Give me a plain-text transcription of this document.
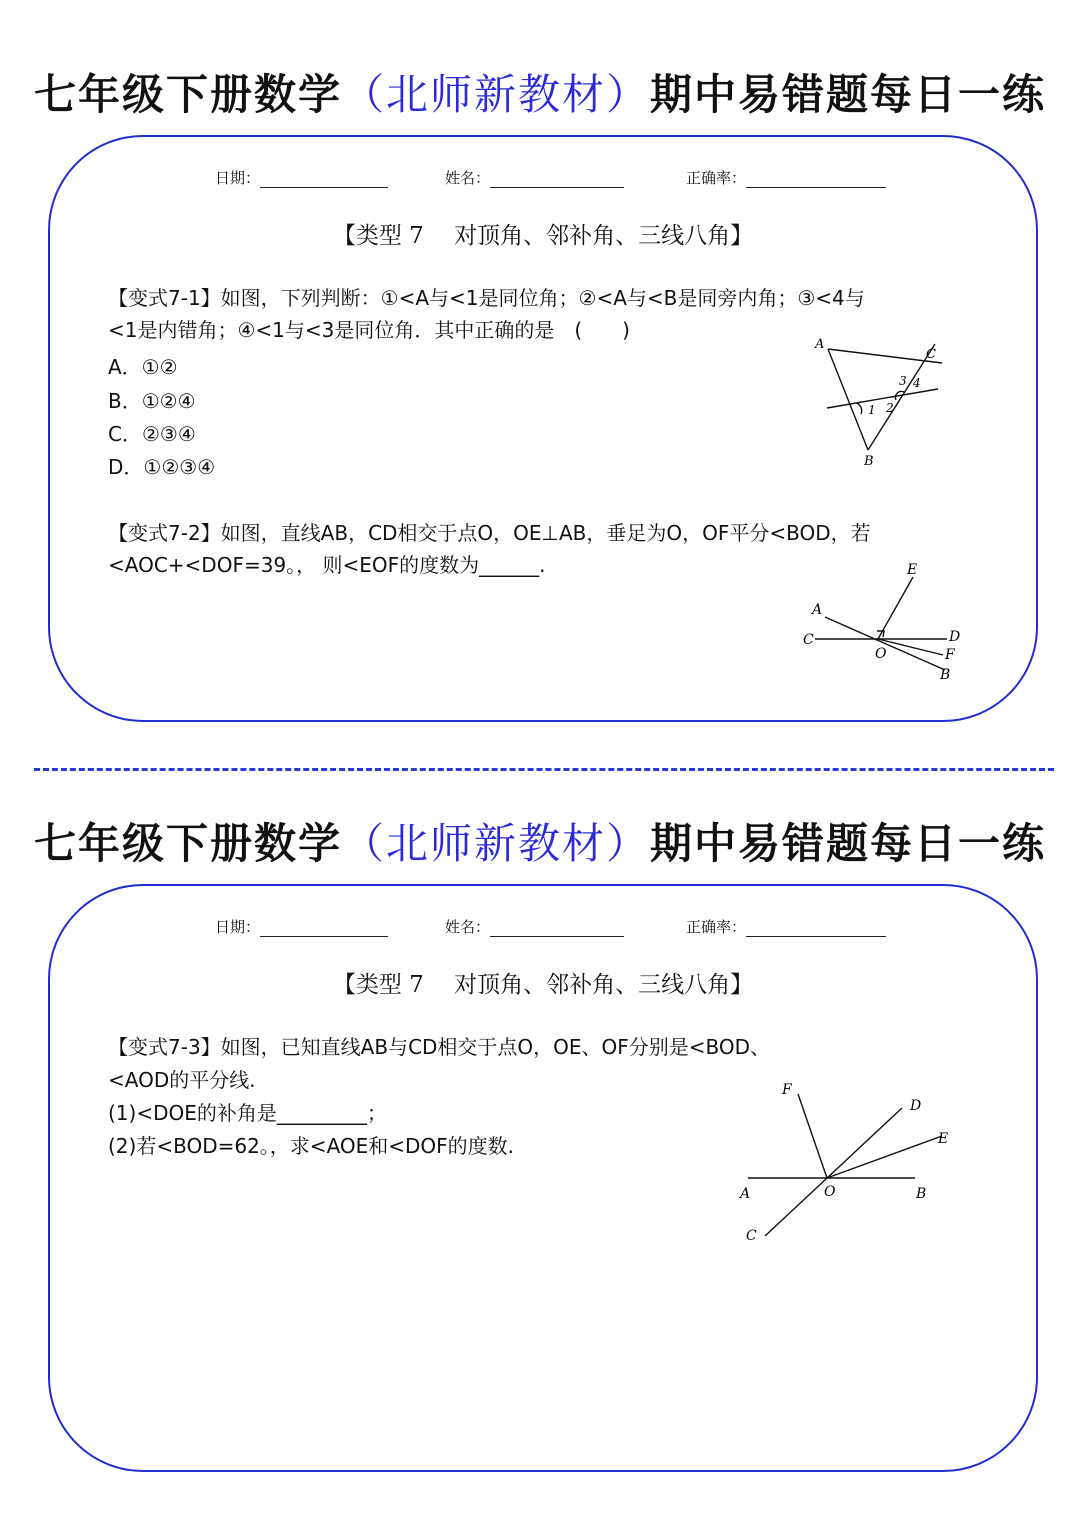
七年级下册数学（北师新教材）期中易错题每日一练
日期：	姓名：	正确率：
【类型 7　 对顶角、邻补角、三线八角】
【变式7-1】如图，下列判断：①<A与<1是同位角；②<A与<B是同旁内角；③<4与
<1是内错角；④<1与<3是同位角．其中正确的是　(　　)
A．①②
B．①②④
C．②③④
D．①②③④
A
C
3 4
1 2
B
【变式7-2】如图，直线AB，CD相交于点O，OE⊥AB，垂足为O，OF平分<BOD，若
<AOC+<DOF=39。， 则<EOF的度数为______.	E
A
C	D
O	F
B
七年级下册数学（北师新教材）期中易错题每日一练
日期：	姓名：	正确率：
【类型 7　 对顶角、邻补角、三线八角】
【变式7-3】如图，已知直线AB与CD相交于点O，OE、OF分别是<BOD、
<AOD的平分线.
(1)<DOE的补角是_________；
(2)若<BOD=62。，求<AOE和<DOF的度数.
F
D
E
A	O	B
C
